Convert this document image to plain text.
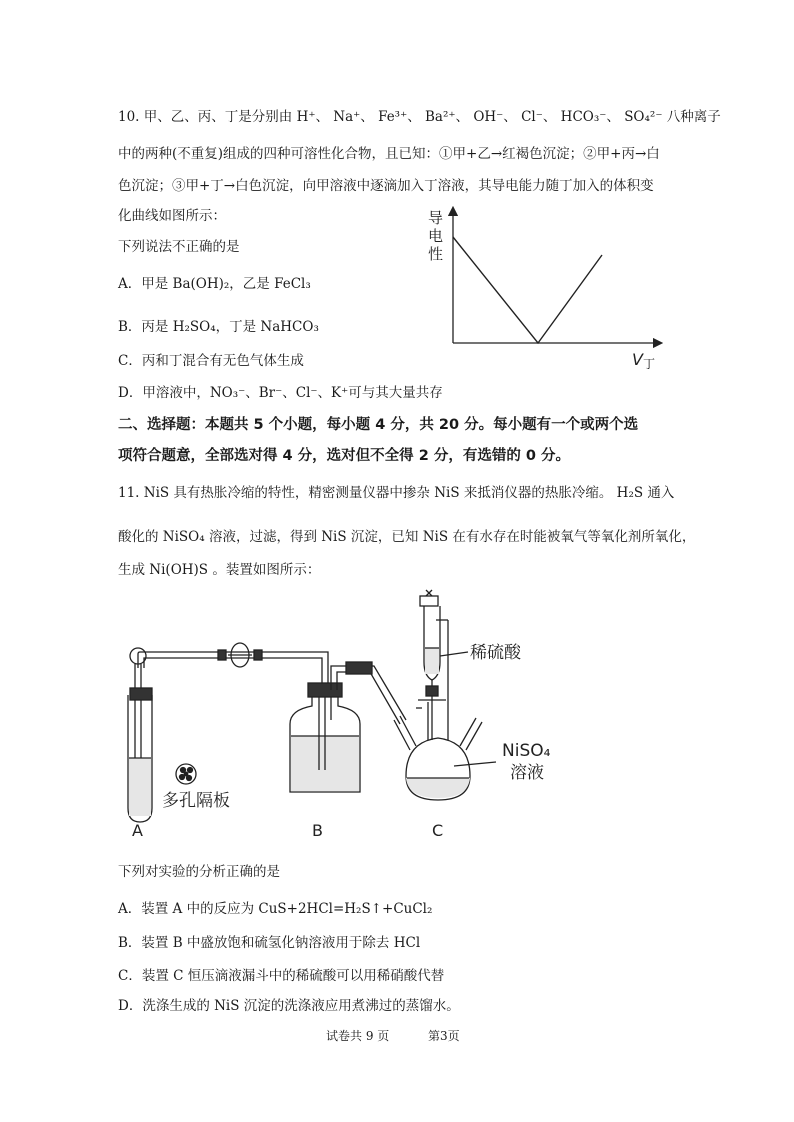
10. 甲、乙、丙、丁是分别由 H⁺、 Na⁺、 Fe³⁺、 Ba²⁺、 OH⁻、 Cl⁻、 HCO₃⁻、 SO₄²⁻ 八种离子
中的两种(不重复)组成的四种可溶性化合物，且已知：①甲+乙→红褐色沉淀；②甲+丙→白
色沉淀；③甲+丁→白色沉淀，向甲溶液中逐滴加入丁溶液，其导电能力随丁加入的体积变
化曲线如图所示：
下列说法不正确的是
A．甲是 Ba(OH)₂，乙是 FeCl₃
B．丙是 H₂SO₄，丁是 NaHCO₃
C．丙和丁混合有无色气体生成
D．甲溶液中，NO₃⁻、Br⁻、Cl⁻、K⁺可与其大量共存
导
电
性
V丁
二、选择题：本题共 5 个小题，每小题 4 分，共 20 分。每小题有一个或两个选
项符合题意，全部选对得 4 分，选对但不全得 2 分，有选错的 0 分。
11. NiS 具有热胀冷缩的特性，精密测量仪器中掺杂 NiS 来抵消仪器的热胀冷缩。 H₂S 通入
酸化的 NiSO₄ 溶液，过滤，得到 NiS 沉淀，已知 NiS 在有水存在时能被氧气等氧化剂所氧化，
生成 Ni(OH)S 。装置如图所示：
稀硫酸
NiSO₄
溶液
多孔隔板
A	B	C
下列对实验的分析正确的是
A．装置 A 中的反应为 CuS+2HCl=H₂S↑+CuCl₂
B．装置 B 中盛放饱和硫氢化钠溶液用于除去 HCl
C．装置 C 恒压滴液漏斗中的稀硫酸可以用稀硝酸代替
D．洗涤生成的 NiS 沉淀的洗涤液应用煮沸过的蒸馏水。
试卷共 9 页	第3页
